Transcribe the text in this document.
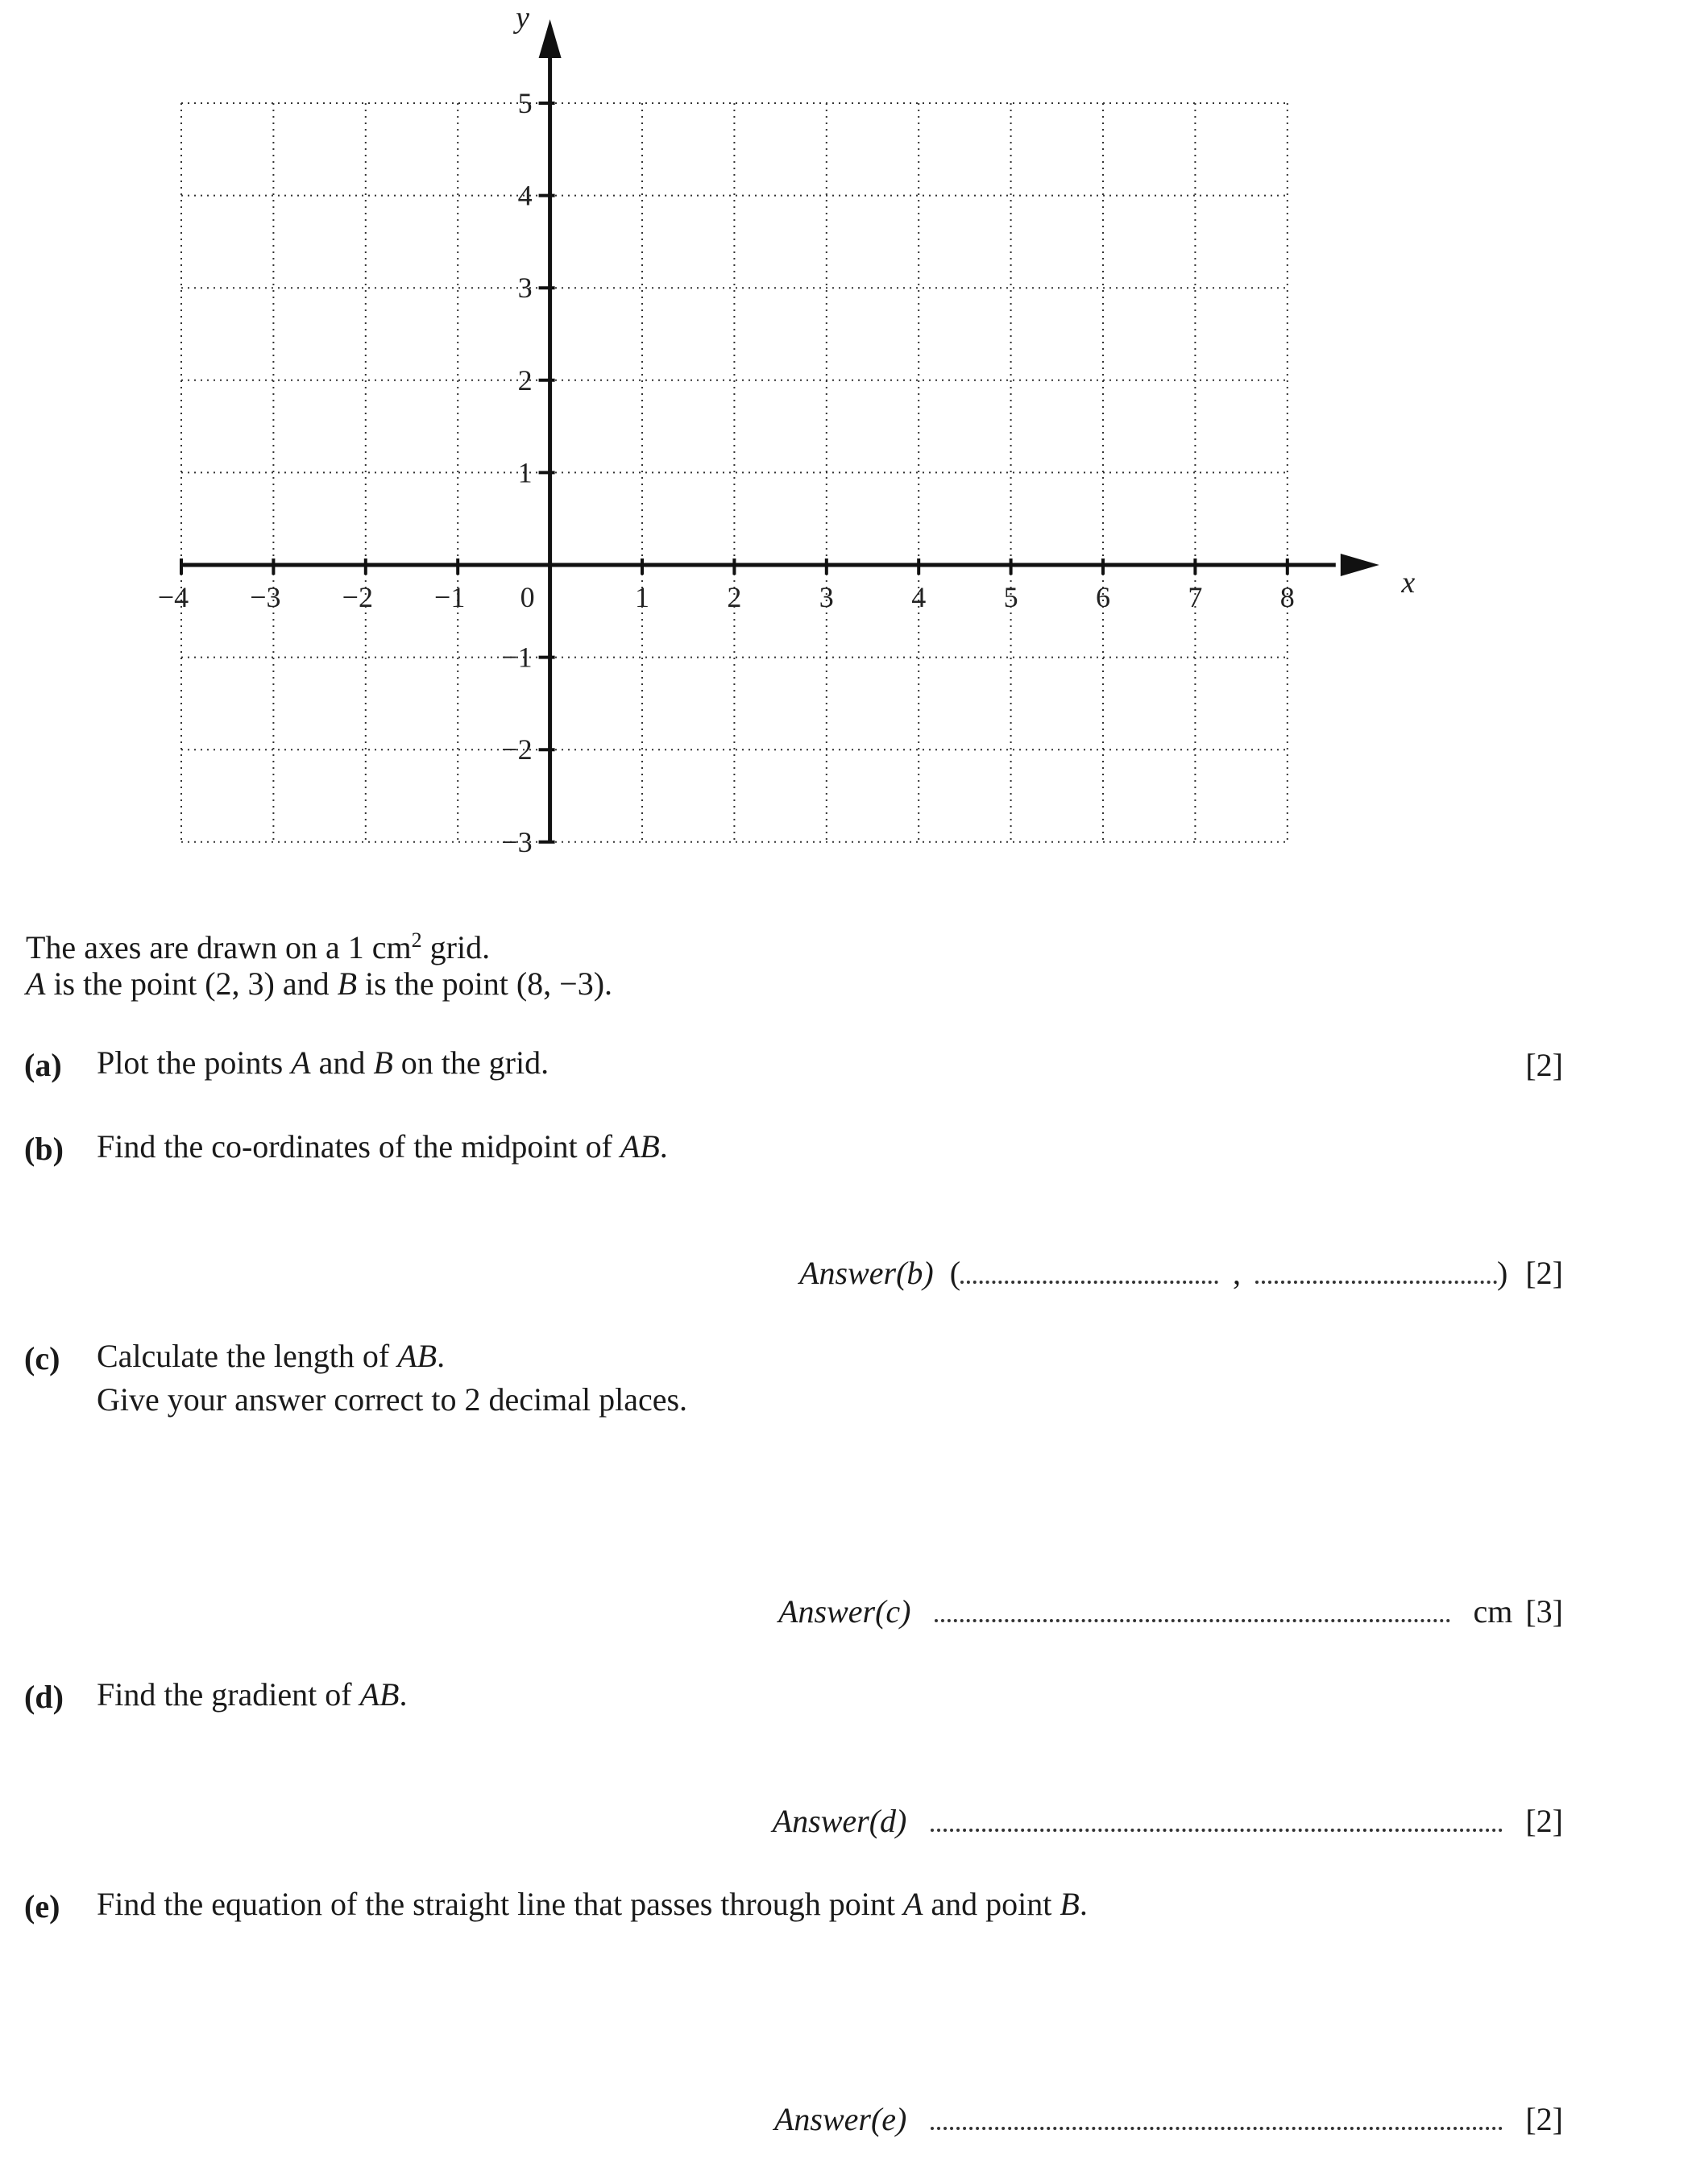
−4 −3 −2 −1	1	2	3	4	5	6	7	8
−3
−2
−1
1
2
3
4
5
0	x
y
The axes are drawn on a 1 $cm^2$ grid.
A is the point (2, 3) and B is the point (8, −3).
(a) Plot the points A and B on the grid.	[2]
(b) Find the co-ordinates of the midpoint of AB.
Answer(b) (	,	) [2]
(c) Calculate the length of AB.
Give your answer correct to 2 decimal places.
Answer(c)	cm [3]
(d) Find the gradient of AB.
Answer(d)	[2]
(e) Find the equation of the straight line that passes through point A and point B.
Answer(e)	[2]
